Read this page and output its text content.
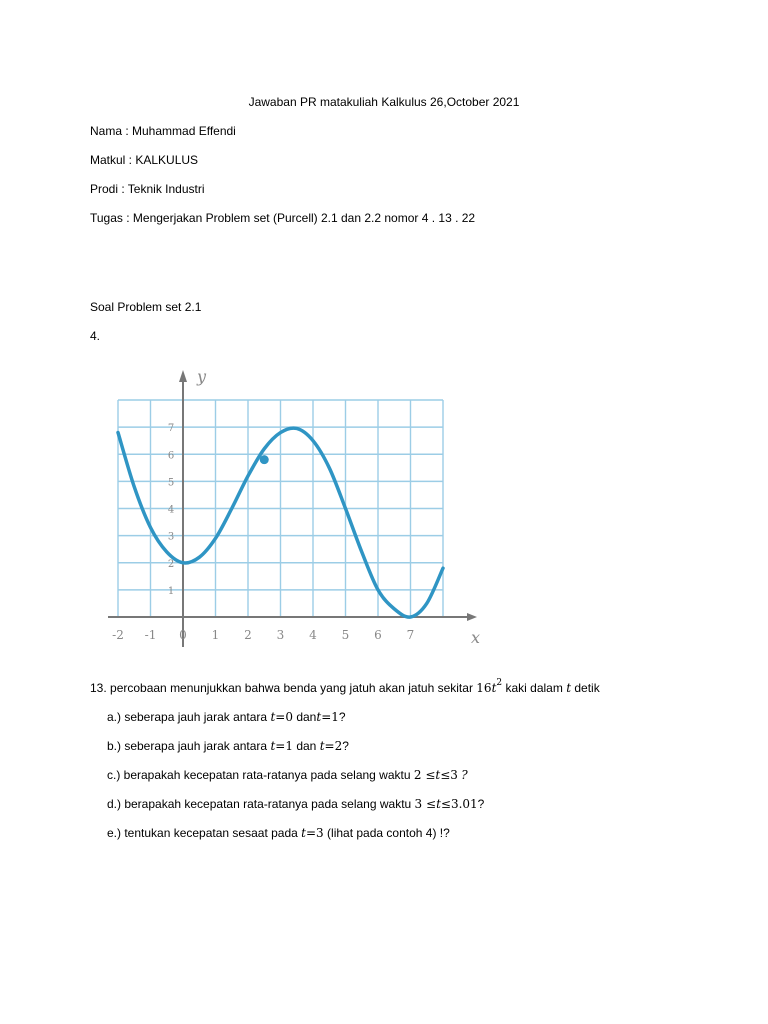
Jawaban PR matakuliah Kalkulus 26,October 2021
Nama : Muhammad Effendi
Matkul : KALKULUS
Prodi : Teknik Industri
Tugas : Mengerjakan Problem set (Purcell) 2.1 dan 2.2 nomor 4 . 13 . 22
Soal Problem set 2.1
4.
-2 -1 0 1 2 3 4 5 6 7
1
2
3
4
5
6
7
y
x
13. percobaan menunjukkan bahwa benda yang jatuh akan jatuh sekitar $16t^2$ kaki dalam t detik
a.) seberapa jauh jarak antara t=0 dant=1?
b.) seberapa jauh jarak antara t=1 dan t=2?
c.) berapakah kecepatan rata-ratanya pada selang waktu 2 ≤t≤3 ?
d.) berapakah kecepatan rata-ratanya pada selang waktu 3 ≤t≤3.01?
e.) tentukan kecepatan sesaat pada t=3 (lihat pada contoh 4) !?
